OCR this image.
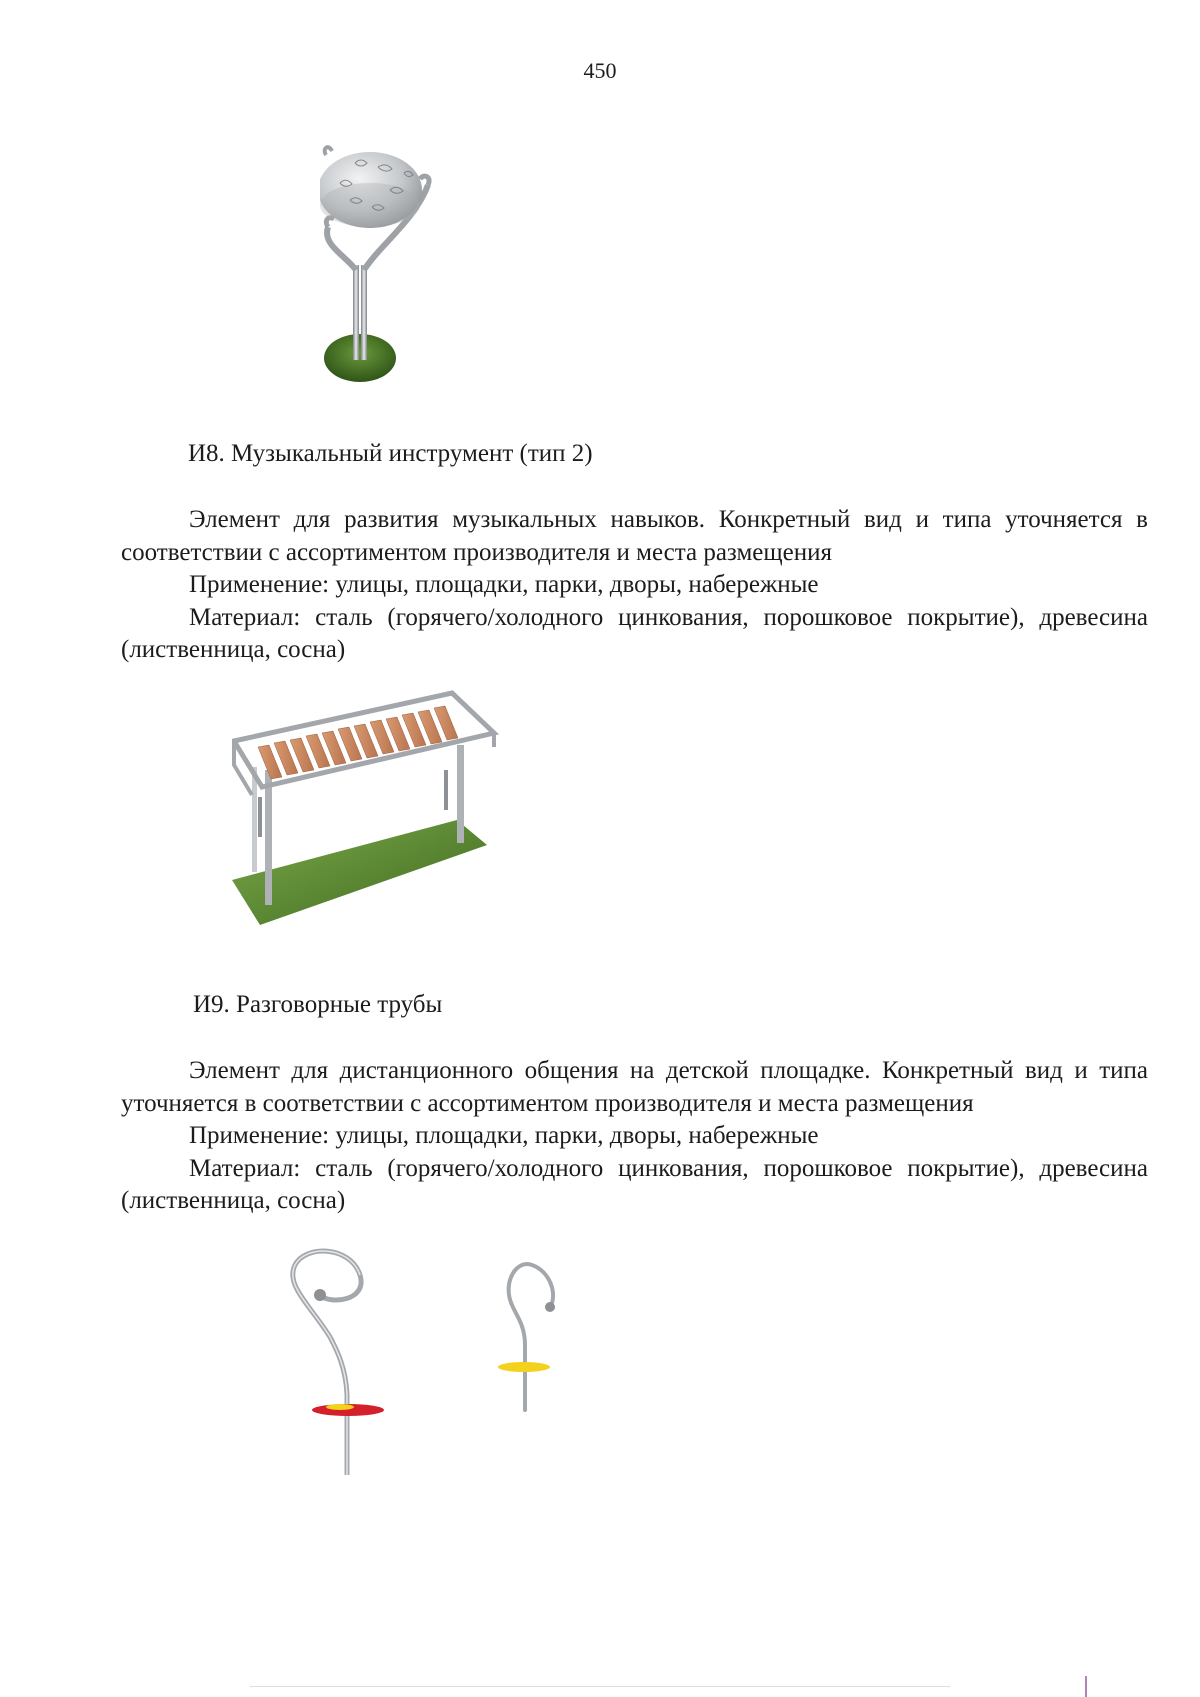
450
И8. Музыкальный инструмент (тип 2)

Элемент для развития музыкальных навыков. Конкретный вид и типа уточняется в соответствии с ассортиментом производителя и места размещения

Применение: улицы, площадки, парки, дворы, набережные

Материал: сталь (горячего/холодного цинкования, порошковое покрытие), древесина (лиственница, сосна)

И9. Разговорные трубы

Элемент для дистанционного общения на детской площадке. Конкретный вид и типа уточняется в соответствии с ассортиментом производителя и места размещения

Применение: улицы, площадки, парки, дворы, набережные

Материал: сталь (горячего/холодного цинкования, порошковое покрытие), древесина (лиственница, сосна)
